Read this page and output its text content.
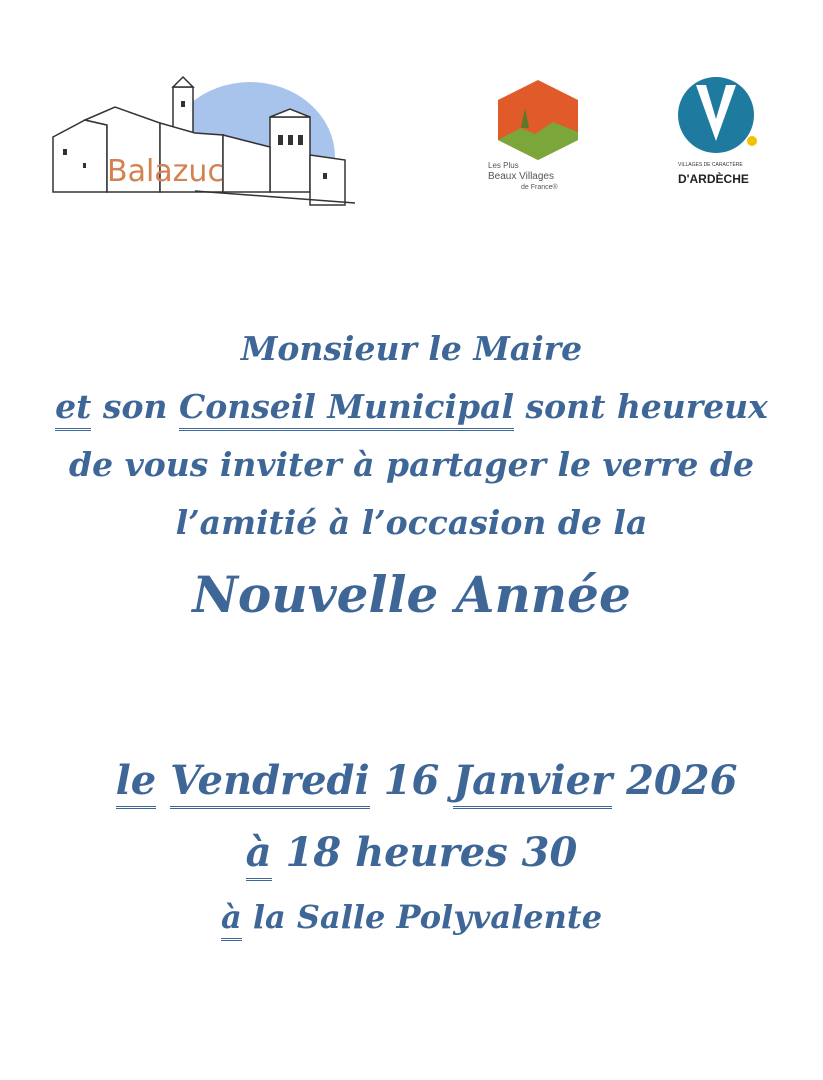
Balazuc	Les Plus
Beaux Villages
de France®
VILLAGES DE CARACTÈRE
D'ARDÈCHE
Monsieur le Maire
et son Conseil Municipal sont heureux
de vous inviter à partager le verre de
l’amitié à l’occasion de la
Nouvelle Année
le Vendredi 16 Janvier 2026
à 18 heures 30
à la Salle Polyvalente
